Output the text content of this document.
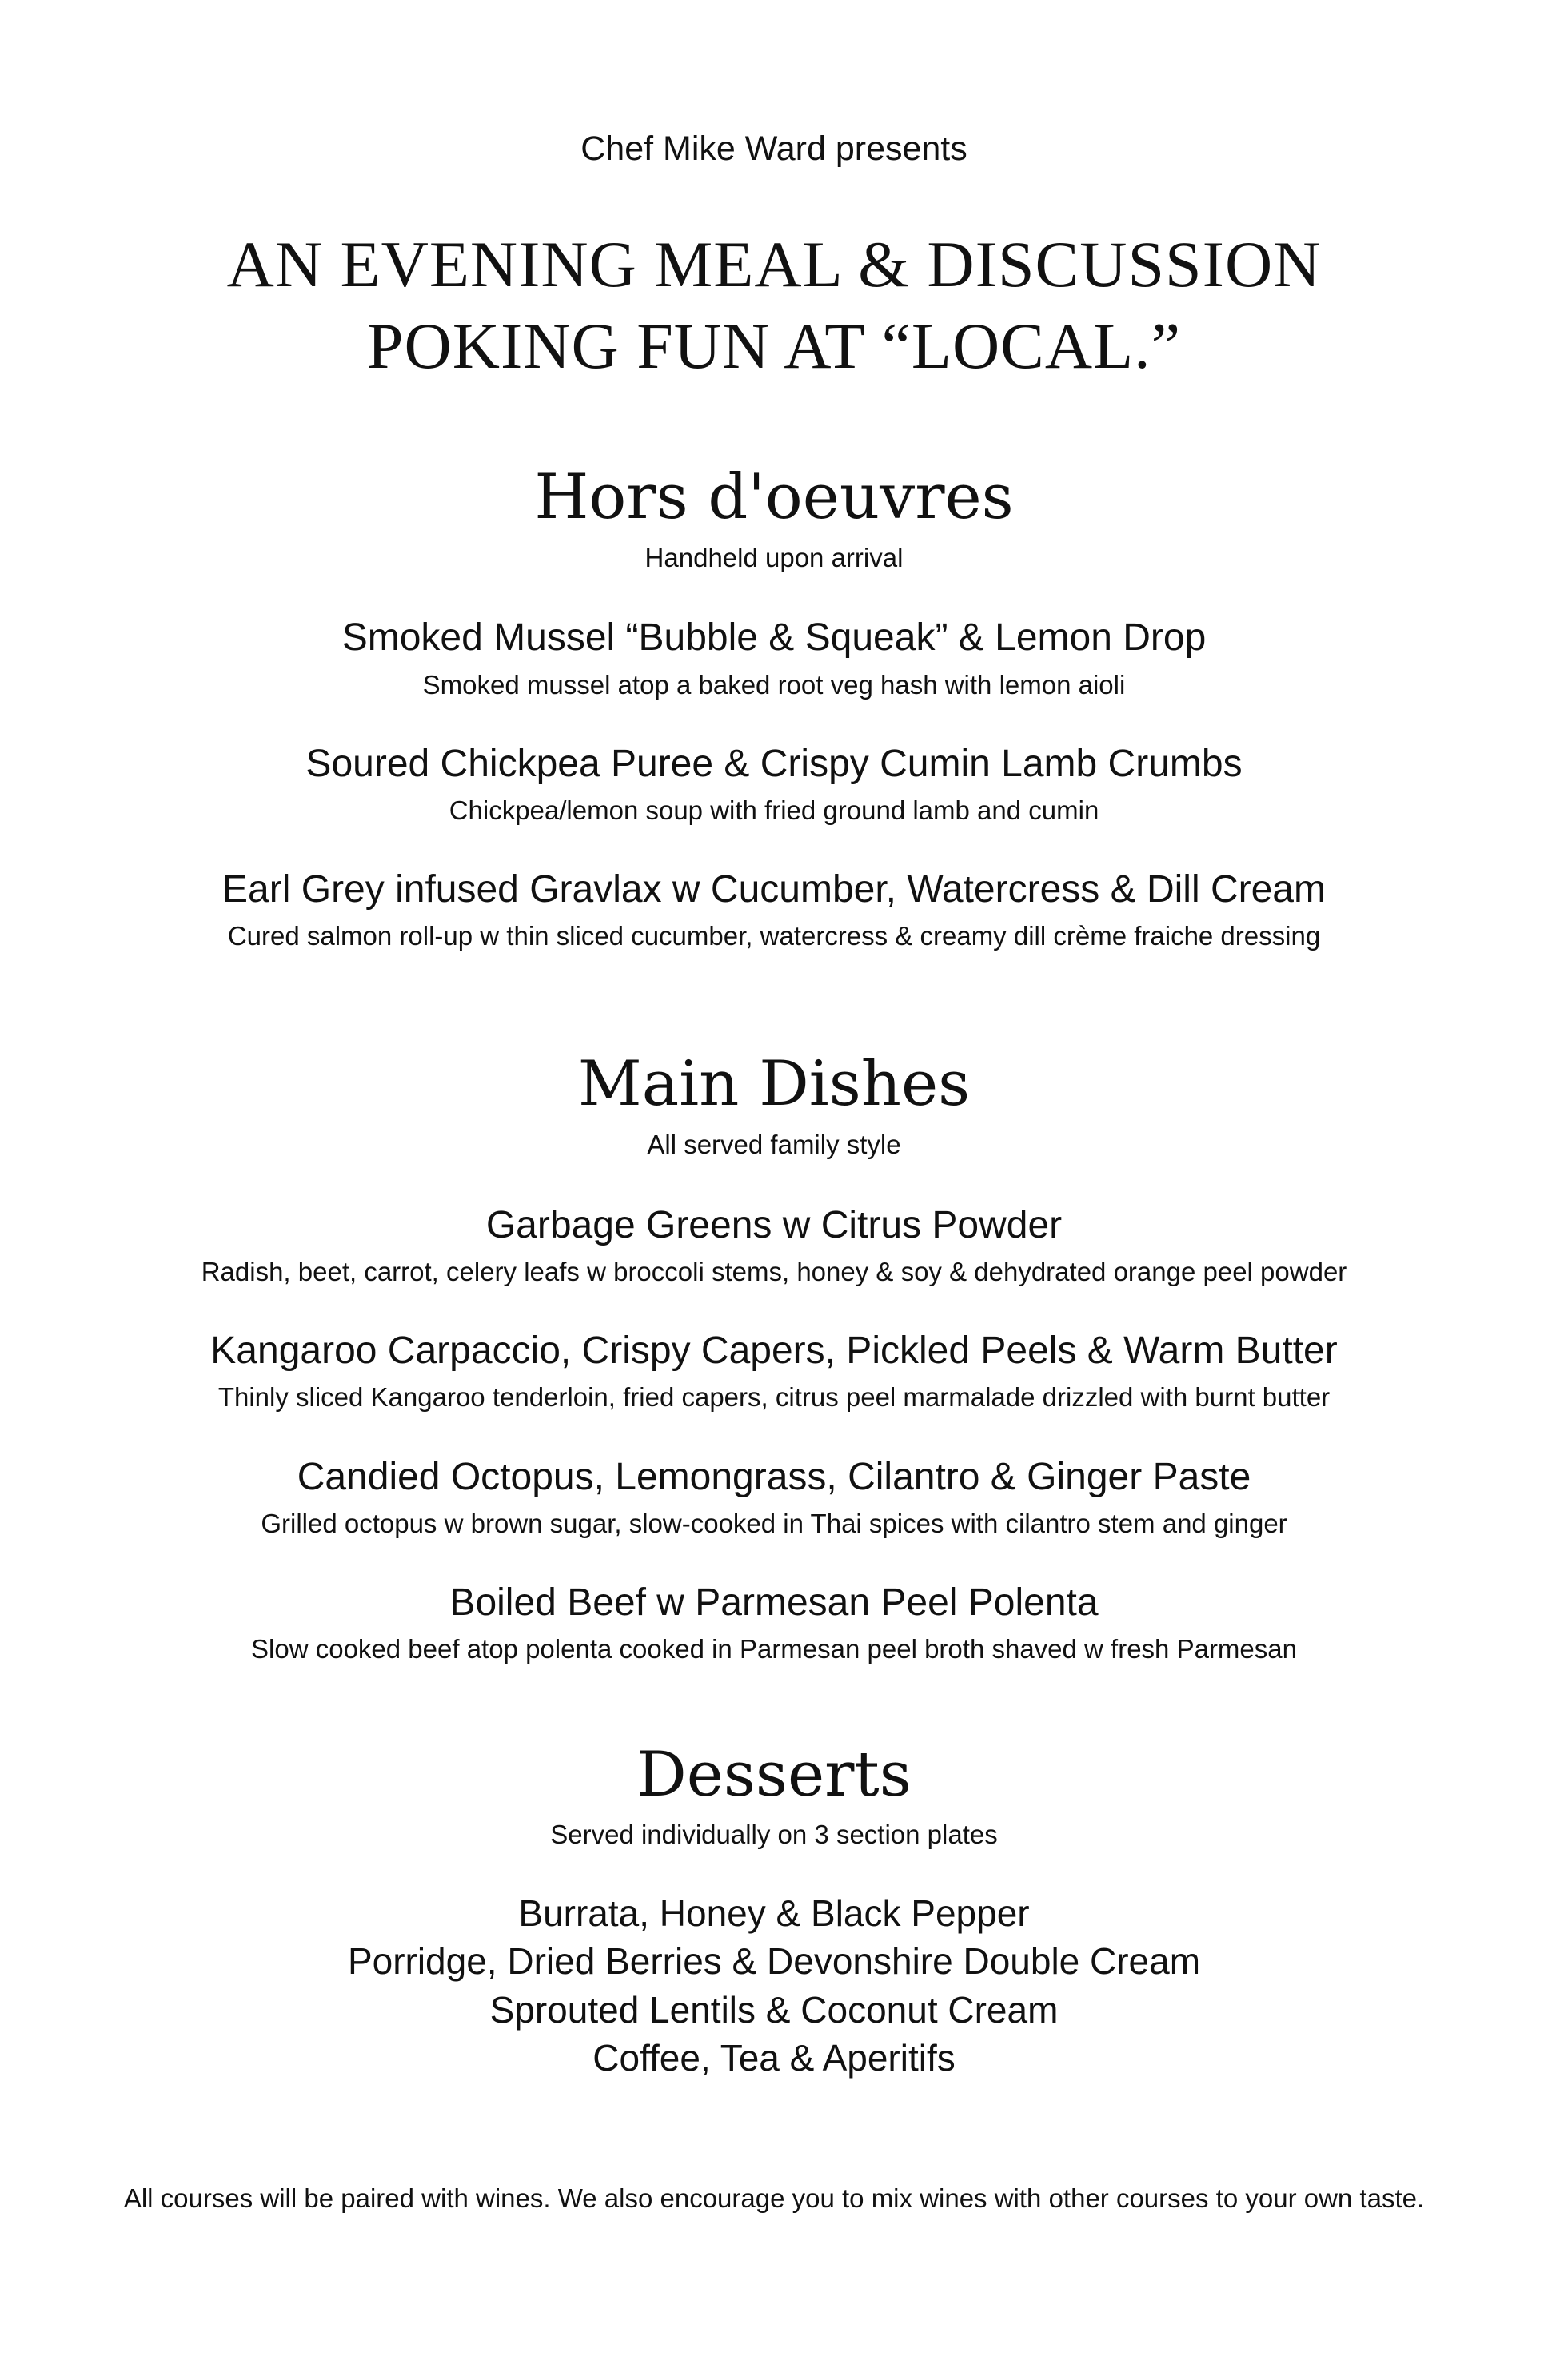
Chef Mike Ward presents
AN EVENING MEAL & DISCUSSION
POKING FUN AT “LOCAL.”
Hors d'oeuvres
Handheld upon arrival
Smoked Mussel “Bubble & Squeak” & Lemon Drop
Smoked mussel atop a baked root veg hash with lemon aioli
Soured Chickpea Puree & Crispy Cumin Lamb Crumbs
Chickpea/lemon soup with fried ground lamb and cumin
Earl Grey infused Gravlax w Cucumber, Watercress & Dill Cream
Cured salmon roll-up w thin sliced cucumber, watercress & creamy dill crème fraiche dressing
Main Dishes
All served family style
Garbage Greens w Citrus Powder
Radish, beet, carrot, celery leafs w broccoli stems, honey & soy & dehydrated orange peel powder
Kangaroo Carpaccio, Crispy Capers, Pickled Peels & Warm Butter
Thinly sliced Kangaroo tenderloin, fried capers, citrus peel marmalade drizzled with burnt butter
Candied Octopus, Lemongrass, Cilantro & Ginger Paste
Grilled octopus w brown sugar, slow-cooked in Thai spices with cilantro stem and ginger
Boiled Beef w Parmesan Peel Polenta
Slow cooked beef atop polenta cooked in Parmesan peel broth shaved w fresh Parmesan
Desserts
Served individually on 3 section plates
Burrata, Honey & Black Pepper
Porridge, Dried Berries & Devonshire Double Cream
Sprouted Lentils & Coconut Cream
Coffee, Tea & Aperitifs
All courses will be paired with wines. We also encourage you to mix wines with other courses to your own taste.
